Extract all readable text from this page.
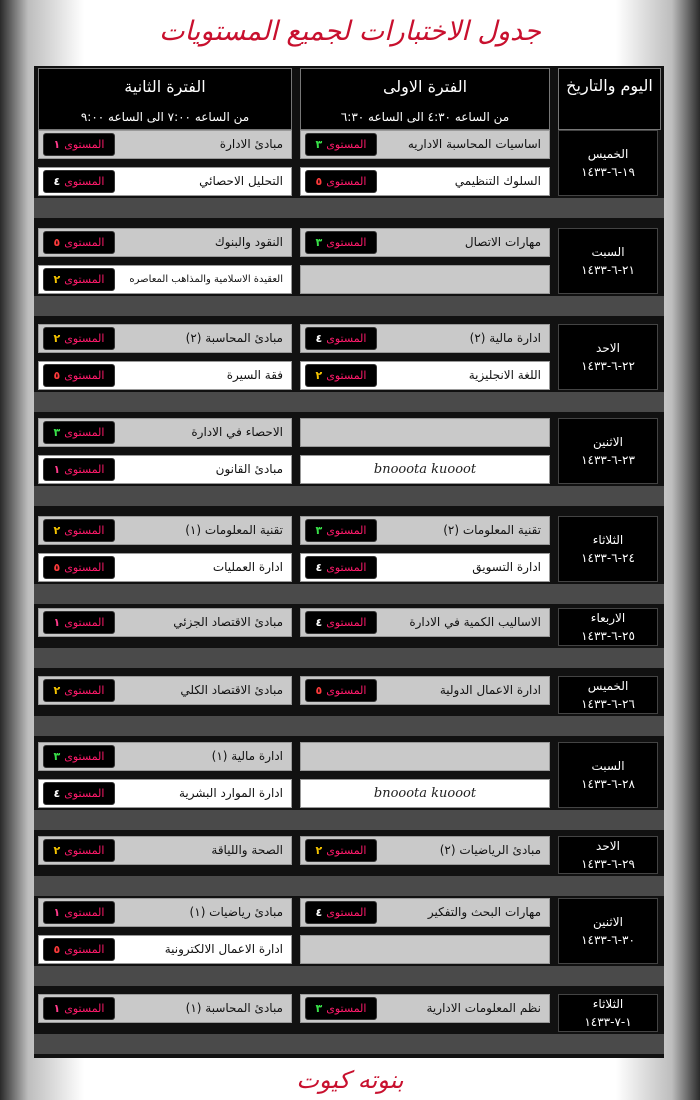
جدول الاختبارات لجميع المستويات
اليوم والتاريخ
الفترة الاولى
من الساعه ٤:٣٠ الى الساعه ٦:٣٠
الفترة الثانية
من الساعه ٧:٠٠ الى الساعه ٩:٠٠
الخميس
١٩-٦-١٤٣٣
اساسيات المحاسبة الاداريه
المستوى
٣
السلوك التنظيمي
المستوى
٥
مبادئ الادارة
المستوى
١
التحليل الاحصائي
المستوى
٤
السبت
٢١-٦-١٤٣٣
مهارات الاتصال
المستوى
٣
النقود والبنوك
المستوى
٥
العقيدة الاسلامية والمذاهب المعاصره
المستوى
٢
الاحد
٢٢-٦-١٤٣٣
ادارة مالية (٢)
المستوى
٤
اللغة الانجليزية
المستوى
٢
مبادئ المحاسبة (٢)
المستوى
٢
فقة السيرة
المستوى
٥
الاثنين
٢٣-٦-١٤٣٣
bnooota kuooot
الاحصاء في الادارة
المستوى
٣
مبادئ القانون
المستوى
١
الثلاثاء
٢٤-٦-١٤٣٣
تقنية المعلومات (٢)
المستوى
٣
ادارة التسويق
المستوى
٤
تقنية المعلومات (١)
المستوى
٢
ادارة العمليات
المستوى
٥
الاربعاء
٢٥-٦-١٤٣٣
الاساليب الكمية في الادارة
المستوى
٤
مبادئ الاقتصاد الجزئي
المستوى
١
الخميس
٢٦-٦-١٤٣٣
ادارة الاعمال الدولية
المستوى
٥
مبادئ الاقتصاد الكلي
المستوى
٢
السبت
٢٨-٦-١٤٣٣
bnooota kuooot
ادارة مالية (١)
المستوى
٣
ادارة الموارد البشرية
المستوى
٤
الاحد
٢٩-٦-١٤٣٣
مبادئ الرياضيات (٢)
المستوى
٢
الصحة واللياقة
المستوى
٢
الاثنين
٣٠-٦-١٤٣٣
مهارات البحث والتفكير
المستوى
٤
مبادئ رياضيات (١)
المستوى
١
ادارة الاعمال الالكترونية
المستوى
٥
الثلاثاء
١-٧-١٤٣٣
نظم المعلومات الادارية
المستوى
٣
مبادئ المحاسبة (١)
المستوى
١
بنوته كيوت
